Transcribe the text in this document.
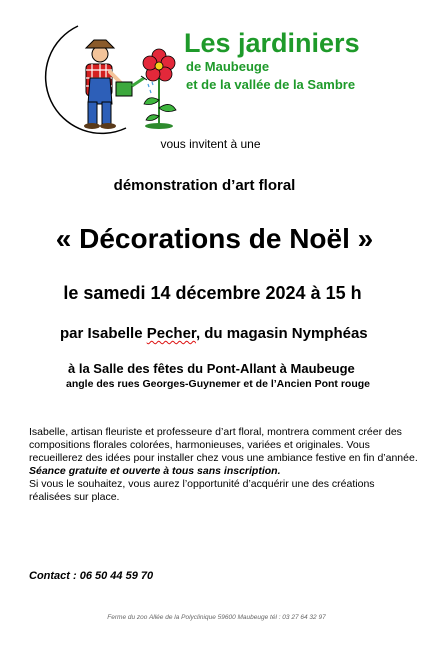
Les jardiniers
de Maubeuge
et de la vallée de la Sambre
vous invitent à une
démonstration d’art floral
« Décorations de Noël »
le samedi 14 décembre 2024 à 15 h
par Isabelle Pecher, du magasin Nymphéas
à la Salle des fêtes du Pont-Allant à Maubeuge
angle des rues Georges-Guynemer et de l’Ancien Pont rouge

Isabelle, artisan fleuriste et professeure d’art floral, montrera comment créer des compositions florales colorées, harmonieuses, variées et originales. Vous recueillerez des idées pour installer chez vous une ambiance festive en fin d’année.

Séance gratuite et ouverte à tous sans inscription.

Si vous le souhaitez, vous aurez l’opportunité d’acquérir une des créations réalisées sur place.

Contact : 06 50 44 59 70
Ferme du zoo Allée de la Polyclinique 59600 Maubeuge tél : 03 27 64 32 97
